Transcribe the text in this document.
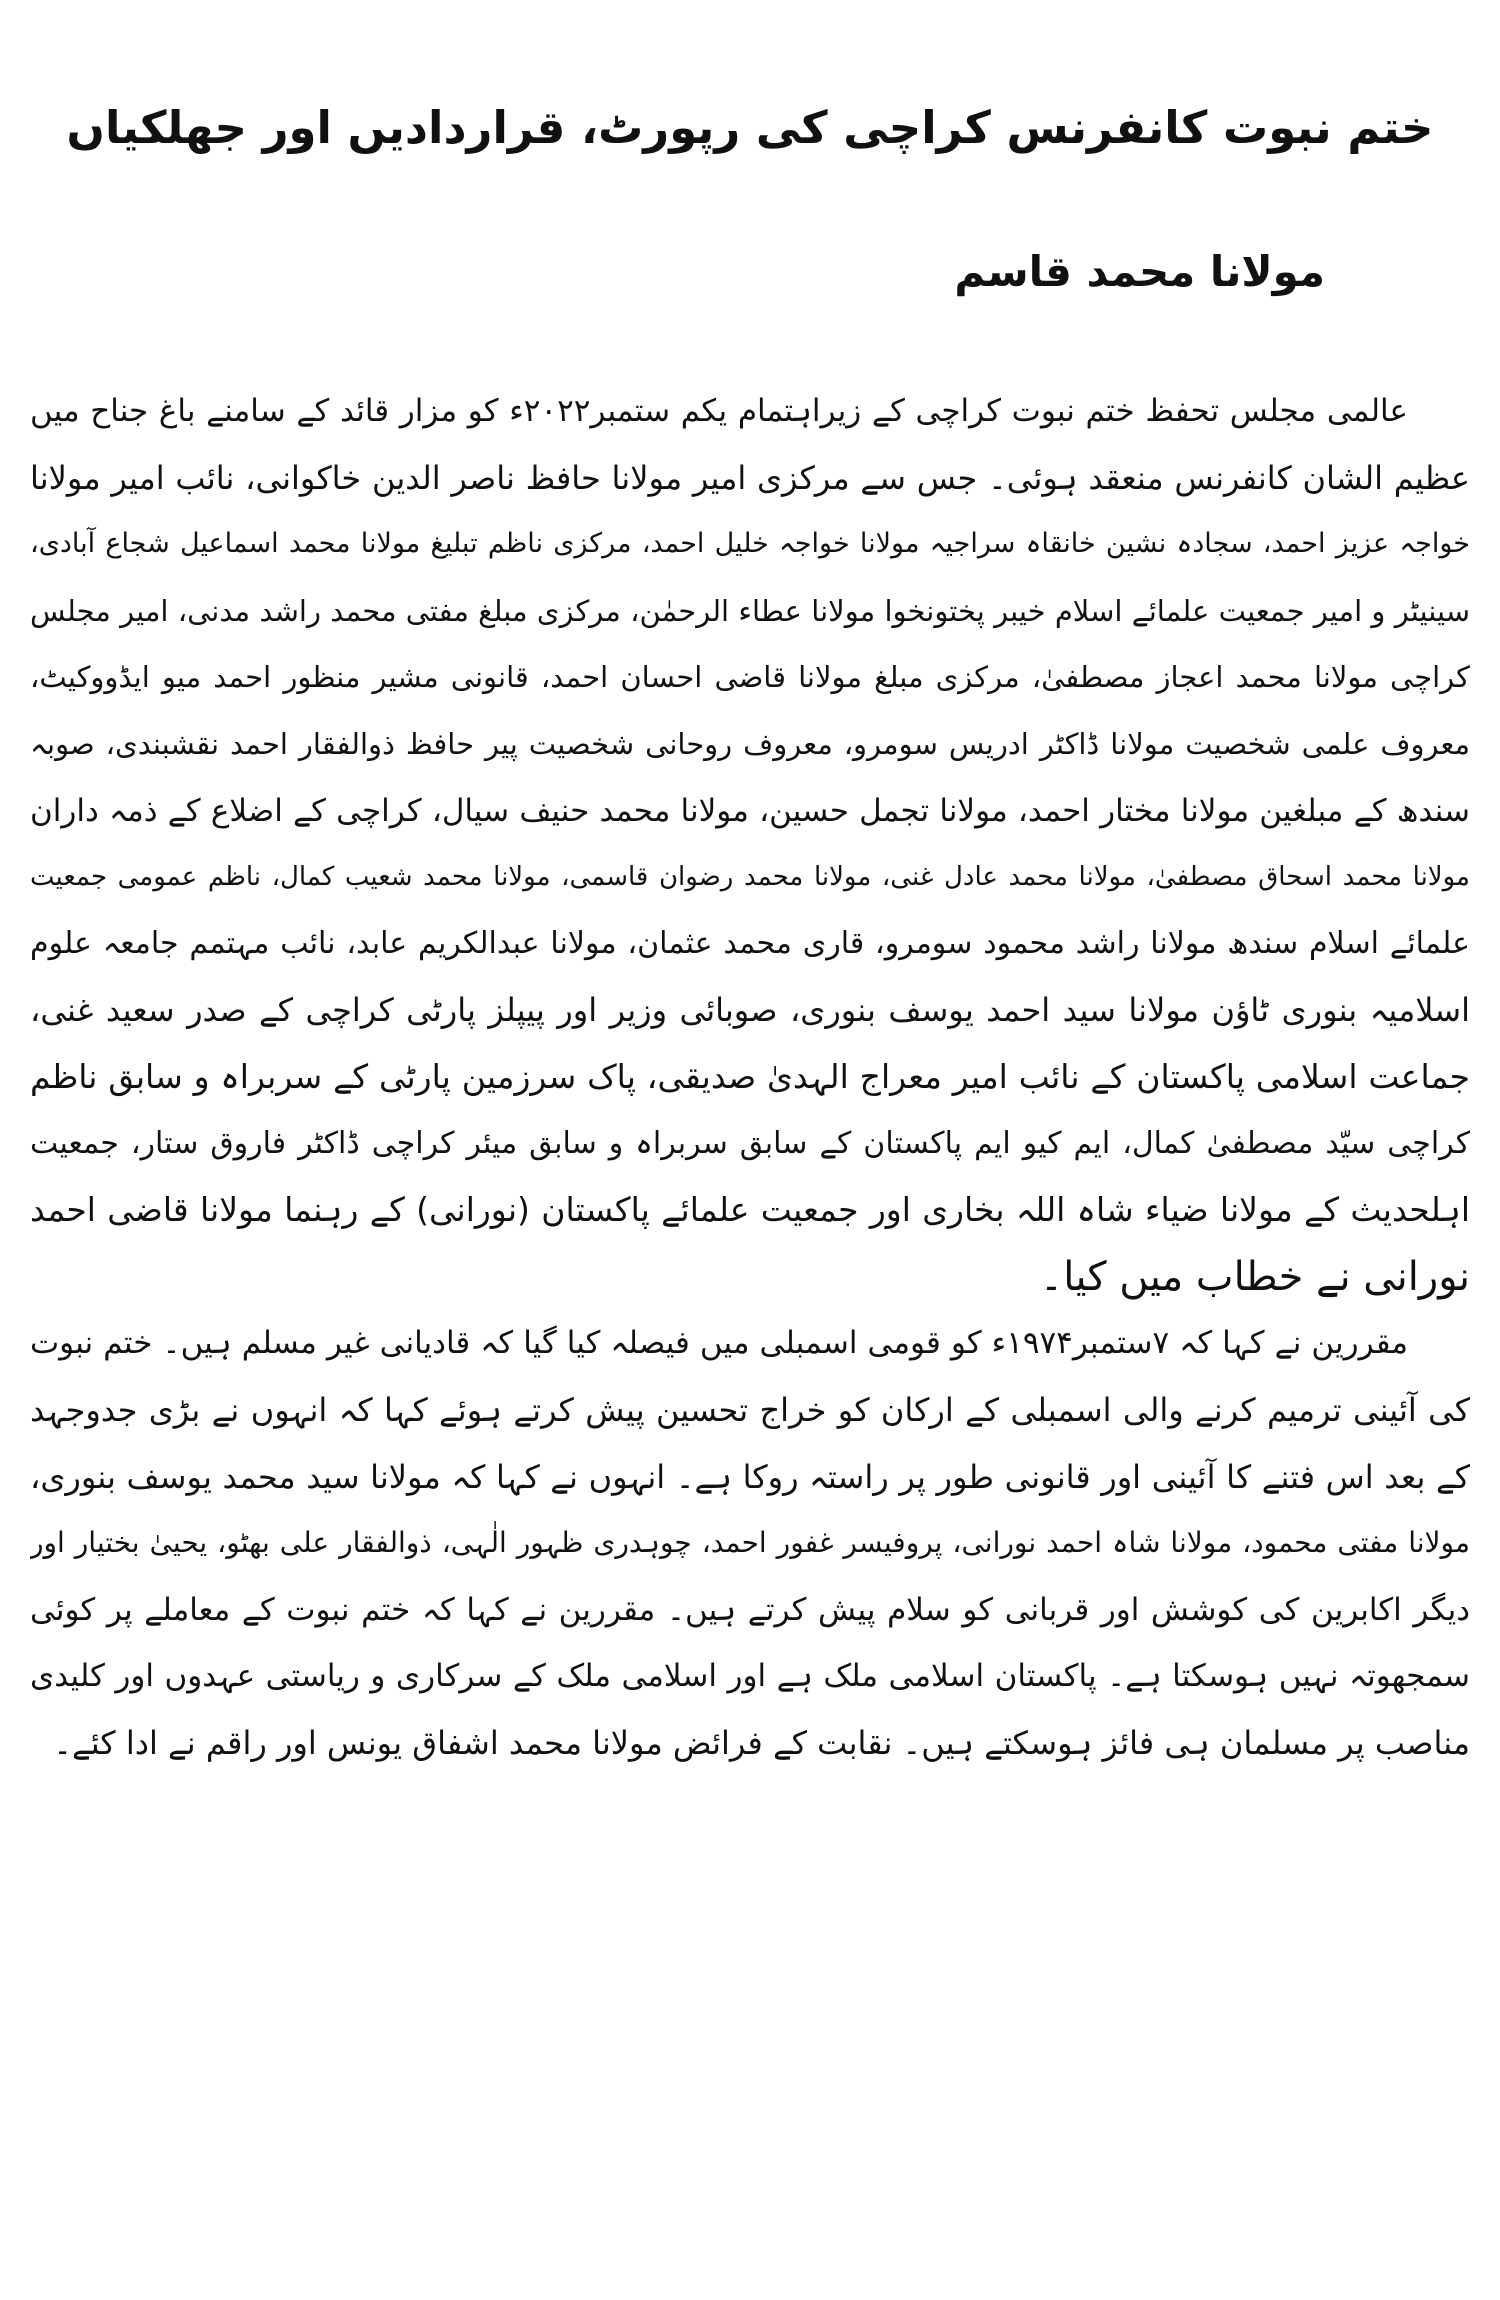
ختم نبوت کانفرنس کراچی کی رپورٹ، قراردادیں اور جھلکیاں
مولانا محمد قاسم
عالمی مجلس تحفظ ختم نبوت کراچی کے زیراہتمام یکم ستمبر۲۰۲۲ء کو مزار قائد کے سامنے باغ جناح میں
عظیم الشان کانفرنس منعقد ہوئی۔ جس سے مرکزی امیر مولانا حافظ ناصر الدین خاکوانی، نائب امیر مولانا
خواجہ عزیز احمد، سجادہ نشین خانقاہ سراجیہ مولانا خواجہ خلیل احمد، مرکزی ناظم تبلیغ مولانا محمد اسماعیل شجاع آبادی،
سینیٹر و امیر جمعیت علمائے اسلام خیبر پختونخوا مولانا عطاء الرحمٰن، مرکزی مبلغ مفتی محمد راشد مدنی، امیر مجلس
کراچی مولانا محمد اعجاز مصطفیٰ، مرکزی مبلغ مولانا قاضی احسان احمد، قانونی مشیر منظور احمد میو ایڈووکیٹ،
معروف علمی شخصیت مولانا ڈاکٹر ادریس سومرو، معروف روحانی شخصیت پیر حافظ ذوالفقار احمد نقشبندی، صوبہ
سندھ کے مبلغین مولانا مختار احمد، مولانا تجمل حسین، مولانا محمد حنیف سیال، کراچی کے اضلاع کے ذمہ داران
مولانا محمد اسحاق مصطفیٰ، مولانا محمد عادل غنی، مولانا محمد رضوان قاسمی، مولانا محمد شعیب کمال، ناظم عمومی جمعیت
علمائے اسلام سندھ مولانا راشد محمود سومرو، قاری محمد عثمان، مولانا عبدالکریم عابد، نائب مہتمم جامعہ علوم
اسلامیہ بنوری ٹاؤن مولانا سید احمد یوسف بنوری، صوبائی وزیر اور پیپلز پارٹی کراچی کے صدر سعید غنی،
جماعت اسلامی پاکستان کے نائب امیر معراج الہدیٰ صدیقی، پاک سرزمین پارٹی کے سربراہ و سابق ناظم
کراچی سیّد مصطفیٰ کمال، ایم کیو ایم پاکستان کے سابق سربراہ و سابق میئر کراچی ڈاکٹر فاروق ستار، جمعیت
اہلحدیث کے مولانا ضیاء شاہ اللہ بخاری اور جمعیت علمائے پاکستان (نورانی) کے رہنما مولانا قاضی احمد
نورانی نے خطاب میں کیا۔
مقررین نے کہا کہ ۷ستمبر۱۹۷۴ء کو قومی اسمبلی میں فیصلہ کیا گیا کہ قادیانی غیر مسلم ہیں۔ ختم نبوت
کی آئینی ترمیم کرنے والی اسمبلی کے ارکان کو خراج تحسین پیش کرتے ہوئے کہا کہ انہوں نے بڑی جدوجہد
کے بعد اس فتنے کا آئینی اور قانونی طور پر راستہ روکا ہے۔ انہوں نے کہا کہ مولانا سید محمد یوسف بنوری،
مولانا مفتی محمود، مولانا شاہ احمد نورانی، پروفیسر غفور احمد، چوہدری ظہور الٰہی، ذوالفقار علی بھٹو، یحییٰ بختیار اور
دیگر اکابرین کی کوشش اور قربانی کو سلام پیش کرتے ہیں۔ مقررین نے کہا کہ ختم نبوت کے معاملے پر کوئی
سمجھوتہ نہیں ہوسکتا ہے۔ پاکستان اسلامی ملک ہے اور اسلامی ملک کے سرکاری و ریاستی عہدوں اور کلیدی
مناصب پر مسلمان ہی فائز ہوسکتے ہیں۔ نقابت کے فرائض مولانا محمد اشفاق یونس اور راقم نے ادا کئے۔
